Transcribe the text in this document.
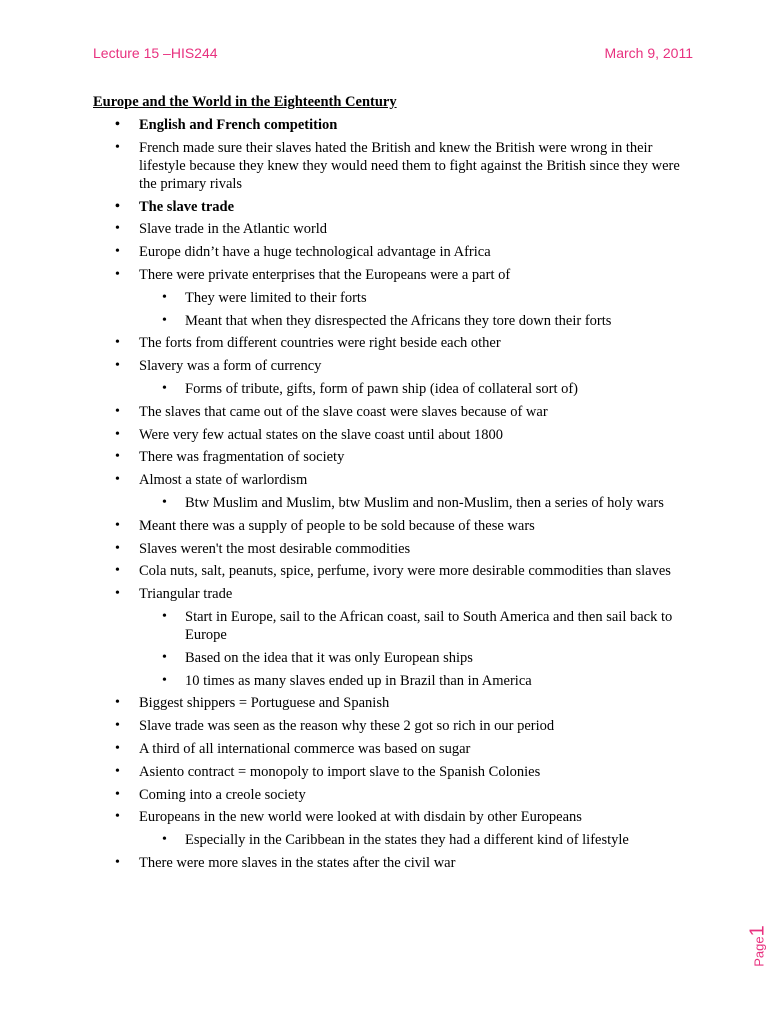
Lecture 15 –HIS244	March 9, 2011
Europe and the World in the Eighteenth Century
• English and French competition
• French made sure their slaves hated the British and knew the British were wrong in their lifestyle because they knew they would need them to fight against the British since they were the primary rivals
• The slave trade
• Slave trade in the Atlantic world
• Europe didn’t have a huge technological advantage in Africa
• There were private enterprises that the Europeans were a part of
• They were limited to their forts
• Meant that when they disrespected the Africans they tore down their forts
• The forts from different countries were right beside each other
• Slavery was a form of currency
• Forms of tribute, gifts, form of pawn ship (idea of collateral sort of)
• The slaves that came out of the slave coast were slaves because of war
• Were very few actual states on the slave coast until about 1800
• There was fragmentation of society
• Almost a state of warlordism
• Btw Muslim and Muslim, btw Muslim and non-Muslim, then a series of holy wars
• Meant there was a supply of people to be sold because of these wars
• Slaves weren't the most desirable commodities
• Cola nuts, salt, peanuts, spice, perfume, ivory were more desirable commodities than slaves
• Triangular trade
• Start in Europe, sail to the African coast, sail to South America and then sail back to Europe
• Based on the idea that it was only European ships
• 10 times as many slaves ended up in Brazil than in America
• Biggest shippers = Portuguese and Spanish
• Slave trade was seen as the reason why these 2 got so rich in our period
• A third of all international commerce was based on sugar
• Asiento contract = monopoly to import slave to the Spanish Colonies
• Coming into a creole society
• Europeans in the new world were looked at with disdain by other Europeans
• Especially in the Caribbean in the states they had a different kind of lifestyle
• There were more slaves in the states after the civil war
Page1
